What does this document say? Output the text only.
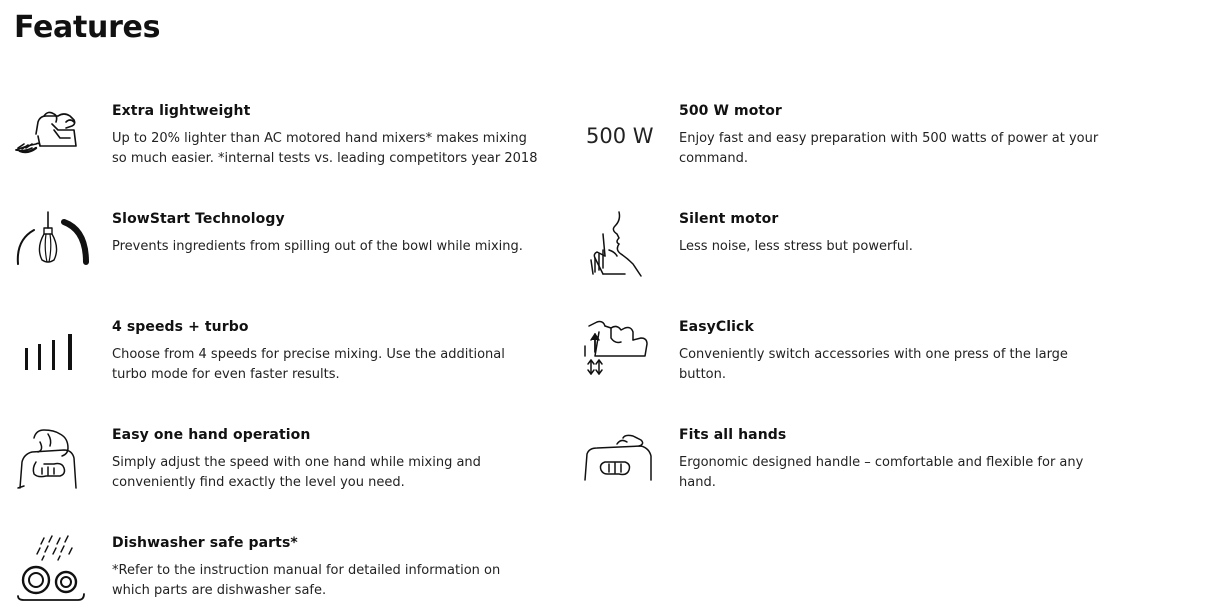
Features

Extra lightweight

Up to 20% lighter than AC motored hand mixers* makes mixing so much easier. *internal tests vs. leading competitors year 2018

500 W

500 W motor

Enjoy fast and easy preparation with 500 watts of power at your command.

SlowStart Technology

Prevents ingredients from spilling out of the bowl while mixing.

Silent motor

Less noise, less stress but powerful.

4 speeds + turbo

Choose from 4 speeds for precise mixing. Use the additional turbo mode for even faster results.

EasyClick

Conveniently switch accessories with one press of the large button.

Easy one hand operation

Simply adjust the speed with one hand while mixing and conveniently find exactly the level you need.

Fits all hands

Ergonomic designed handle – comfortable and flexible for any hand.

Dishwasher safe parts*

*Refer to the instruction manual for detailed information on which parts are dishwasher safe.
